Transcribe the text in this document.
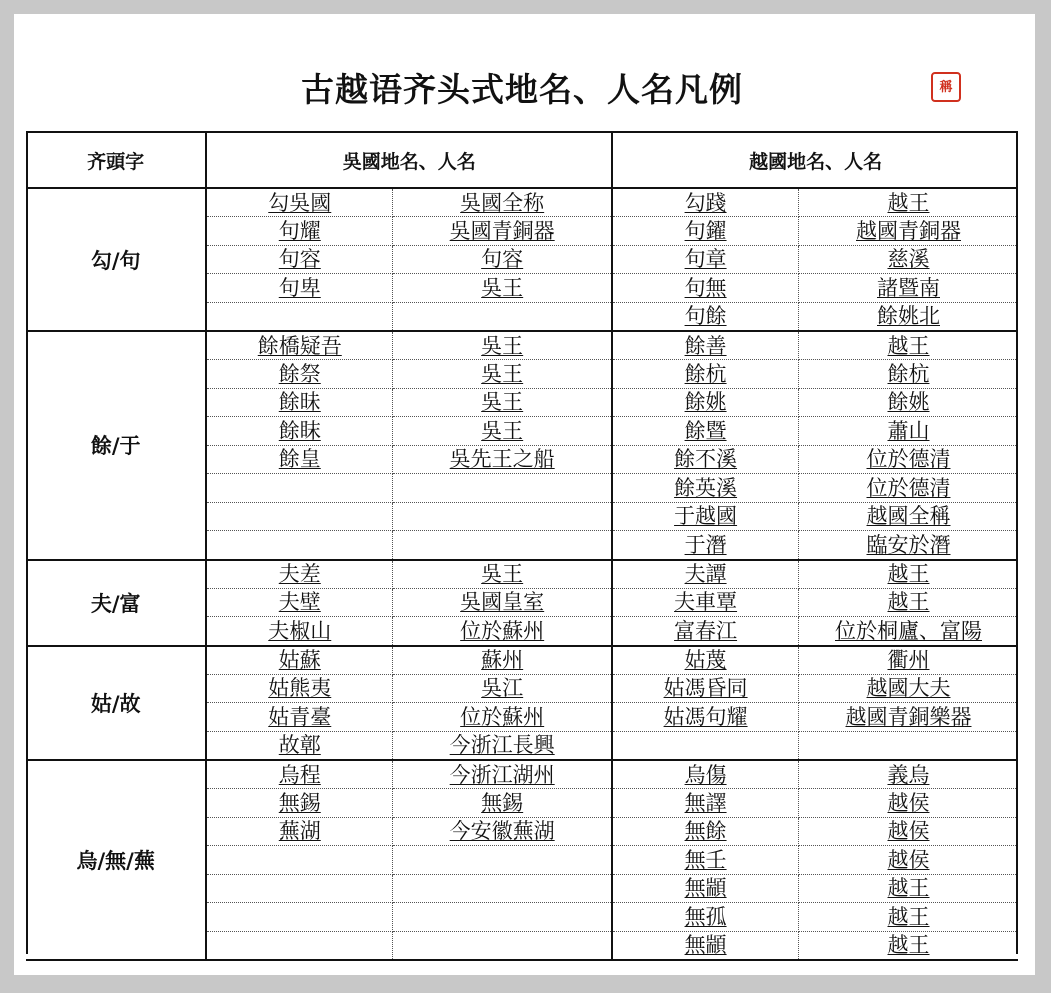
古越语齐头式地名、人名凡例	稱
齐頭字	吳國地名、人名		越國地名、人名	
勾/句	勾吳國	吳國全称	勾踐	越王
	句耀	吳國青銅器	句鑃	越國青銅器
	句容	句容	句章	慈溪
	句卑	吳王	句無	諸暨南
			句餘	餘姚北
餘/于	餘橋疑吾	吳王	餘善	越王
	餘祭	吳王	餘杭	餘杭
	餘昧	吳王	餘姚	餘姚
	餘眜	吳王	餘暨	蕭山
	餘皇	吳先王之船	餘不溪	位於德清
			餘英溪	位於德清
			于越國	越國全稱
			于潛	臨安於潛
夫/富	夫差	吳王	夫譚	越王
	夫壁	吳國皇室	夫車覃	越王
	夫椒山	位於蘇州	富春江	位於桐廬、富陽
姑/故	姑蘇	蘇州	姑蔑	衢州
	姑熊夷	吳江	姑馮昏同	越國大夫
	姑青臺	位於蘇州	姑馮句耀	越國青銅樂器
	故鄣	今浙江長興		
烏/無/蕪	烏程	今浙江湖州	烏傷	義烏
	無錫	無錫	無譯	越侯
	蕪湖	今安徽蕪湖	無餘	越侯
			無壬	越侯
			無顓	越王
			無孤	越王
			無顓	越王
